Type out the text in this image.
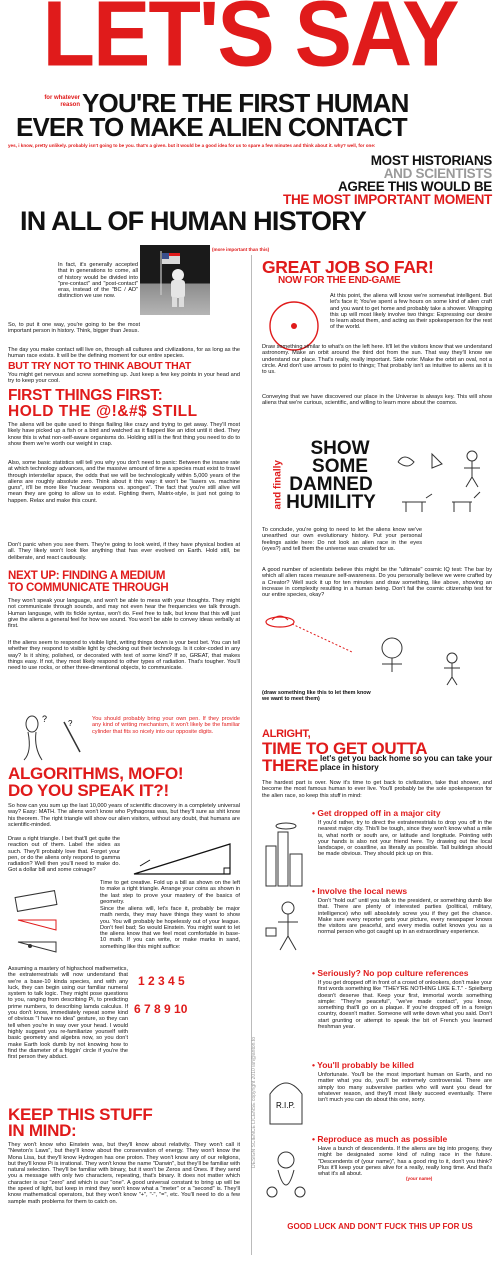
LET'S SAY
for whatever reason YOU'RE THE FIRST HUMAN
EVER TO MAKE ALIEN CONTACT
yes, i know, pretty unlikely. probably isn't going to be you. that's a given. but it would be a good idea for us to spare a few minutes and think about it. why? well, for one:
MOST HISTORIANS
AND SCIENTISTS
AGREE THIS WOULD BE
THE MOST IMPORTANT MOMENT
IN ALL OF HUMAN HISTORY
DESIGN SCIENCE LICENSE copyright 2010 ian@anton.to
(more important than this)

In fact, it's generally accepted that in generations to come, all of history would be divided into "pre-contact" and "post-contact" eras, instead of the "BC / AD" distinction we use now.

So, to put it one way, you're going to be the most important person in history. Think, bigger than Jesus.

The day you make contact will live on, through all cultures and civilizations, for as long as the human race exists. It will be the defining moment for our entire species.

BUT TRY NOT TO THINK ABOUT THAT

You might get nervous and screw something up. Just keep a few key points in your head and try to keep your cool.

FIRST THINGS FIRST:
HOLD THE @!&#$ STILL

The aliens will be quite used to things flailing like crazy and trying to get away. They'll most likely have picked up a fish or a bird and watched as it flapped like an idiot until it died. They know this is what non-self-aware organisms do. Holding still is the first thing you need to do to show them we're worth our weight in crap.

Also, some basic statistics will tell you why you don't need to panic: Between the insane rate at which technology advances, and the massive amount of time a species must exist to travel through interstellar space, the odds that we will be technologically within 5,000 years of the aliens are roughly absolute zero. Think about it this way: it won't be "lasers vs. machine guns", it'll be more like "nuclear weapons vs. sponges". The fact that you're still alive will mean they are going to allow us to exist. Fighting them, Matrix-style, is just not going to happen. Relax and make this count.

Don't panic when you see them. They're going to look weird, if they have physical bodies at all. They likely won't look like anything that has ever evolved on Earth. Hold still, be deliberate, and react cautiously.

NEXT UP: FINDING A MEDIUM
TO COMMUNICATE THROUGH

They won't speak your language, and won't be able to mess with your thoughts. They might not communicate through sounds, and may not even hear the frequencies we talk through. Human language, with its fickle syntax, won't do. Feel free to talk, but know that this will just give the aliens a general feel for how we sound. You won't be able to convey ideas verbally at first.

If the aliens seem to respond to visible light, writing things down is your best bet. You can tell whether they respond to visible light by checking out their technology. Is it color-coded in any way? Is it shiny, polished, or decorated with text of some kind? If so, GREAT, that makes things easy. If not, they most likely respond to other types of radiation. That's tougher. You'll need to use rocks, or other three-dimentional objects, to communicate.

?	?	You should probably bring your own pen. If they provide any kind of writing mechanism, it won't likely be the familiar cylinder that fits so nicely into our opposite digits.

ALGORITHMS, MOFO!
DO YOU SPEAK IT?!

So how can you sum up the last 10,000 years of scientific discovery in a completely universal way? Easy: MATH. The aliens won't know who Pythagoras was, but they'll sure as shit know his theorem. The right triangle will show our alien visitors, without any doubt, that humans are scientific-minded.

Draw a right triangle. I bet that'll get quite the reaction out of them. Label the sides as such. They'll probably love that. Forget your pen, or do the aliens only respond to gamma radiation? Well then you'll need to make do. Got a dollar bill and some coinage?

Time to get creative. Fold up a bill as shown on the left to make a right triangle. Arrange your coins as shown in the last step to prove your mastery of the basics of geometry.

Since the aliens will, let's face it, probably be major math nerds, they may have things they want to show you. You will probably be hopelessly out of your league. Don't feel bad; So would Einstein. You might want to let the aliens know that we feel most comfortable in base-10 math. If you can write, or make marks in sand, something like this might suffice:

1 2 3 4 5
6 7 8 9 10

Assuming a mastery of highschool mathemetics, the extraterrestrials will now understand that we're a base-10 kinda species, and with any luck, they can begin using our familiar numeral system to talk logic. They might pose questions to you, ranging from describing Pi, to predicting prime numbers, to describing lamda calculus. If you don't know, immediately repeat some kind of obvious "I have no idea" gesture, so they can tell when you're in way over your head. I would highly suggest you re-familiarize yourself with basic geometry and algebra now, so you don't make Earth look dumb by not knowing how to find the diameter of a friggin' circle if you're the first person they abduct.

KEEP THIS STUFF
IN MIND:

They won't know who Einstein was, but they'll know about relativity. They won't call it "Newton's Laws", but they'll know about the conservation of energy. They won't know the Mona Lisa, but they'll know Hydrogen has one proton. They won't know any of our religions, but they'll know Pi is irrational. They won't know the name "Darwin", but they'll be familiar with natural selection. They'll be familiar with binary, but it won't be Zeros and Ones. If they send you a message with only two characters, repeating, that's binary. It does not matter which character is our "zero" and which is our "one". A good universal constant to bring up will be the speed of light, but keep in mind they won't know what a "meter" or a "second" is. They'll know mathematical operators, but they won't know "+", "-", "=", etc. You'll need to do a few sample math problems for them to catch on.

GREAT JOB SO FAR!
NOW FOR THE END-GAME

At this point, the aliens will know we're somewhat intelligent. But let's face it; You've spent a few hours on some kind of alien craft and you want to get home and probably take a shower. Wrapping this up will most likely involve two things: Expressing our desire to learn about them, and acting as their spokesperson for the rest of the world.

Draw something similar to what's on the left here. It'll let the visitors know that we understand astronomy. Make an orbit around the third dot from the sun. That way they'll know we understand our place. That's really, really important. Side note: Make the orbit an oval, not a circle. And don't use arrows to point to things; That probably isn't as intuitive to aliens as it is to us.

Conveying that we have discovered our place in the Universe is always key. This will show aliens that we're curious, scientific, and willing to learn more about the cosmos.

and finally
SHOW
SOME
DAMNED
HUMILITY

To conclude, you're going to need to let the aliens know we've unearthed our own evolutionary history. Put your personal feelings aside here: Do not look an alien race in the eyes (eyes?) and tell them the universe was created for us.

A good number of scientists believe this might be the "ultimate" cosmic IQ test: The bar by which all alien races measure self-awareness. Do you personally believe we were crafted by a Creator? Well suck it up for ten minutes and draw something, like above, showing an increase in complexity resulting in a human being. Don't fail the cosmic citizenship test for our entire species, okay?

(draw something like this to let them know we want to meet them)
ALRIGHT,
TIME TO GET OUTTA
THERE let's get you back home so you can take your place in history

The hardest part is over. Now it's time to get back to civilization, take that shower, and become the most famous human to ever live. You'll probably be the sole spokesperson for the alien race, so keep this stuff in mind:

• Get dropped off in a major city

If you'd rather, try to direct the extraterrestrials to drop you off in the nearest major city. This'll be tough, since they won't know what a mile is, what north or south are, or latitude and longitude. Pointing with your hands is also not your friend here. Try drawing out the local landscape, or coastline, as literally as possible. Tall buildings should be made obvious. They should pick up on this.

• Involve the local news

Don't "hold out" until you talk to the president, or something dumb like that. There are plenty of interested parties (political, military, intelligence) who will absolutely screw you if they get the chance. Make sure every reporter gets your picture, every newspaper knows the visitors are peaceful, and every media outlet knows you as a normal person who got caught up in an extraordinary experience.

• Seriously? No pop culture references

If you get dropped off in front of a crowd of onlookers, don't make your first words something like "THEY'RE NOTHING LIKE E.T." - Spielberg doesn't deserve that. Keep your first, immortal words something simple: "They're peaceful", "we've made contact", you know, something that'll go on a plaque. If you're dropped off in a foreign country, doesn't matter. Someone will write down what you said. Don't start grunting or attempt to speak the bit of French you learned freshman year.

• You'll probably be killed
R.I.P.

Unfortunate. You'll be the most important human on Earth, and no matter what you do, you'll be extremely controversial. There are simply too many subversive parties who will want you dead for whatever reason, and they'll most likely succeed eventually. There isn't much you can do about this one, sorry.

• Reproduce as much as possible

Have a bunch of descendents. If the aliens are big into progeny, they might be designated some kind of ruling race in the future. "Descendents of (your name)", has a good ring to it, don't you think? Plus it'll keep your genes alive for a really, really long time. And that's what it's all about.

(your name)
GOOD LUCK AND DON'T FUCK THIS UP FOR US
